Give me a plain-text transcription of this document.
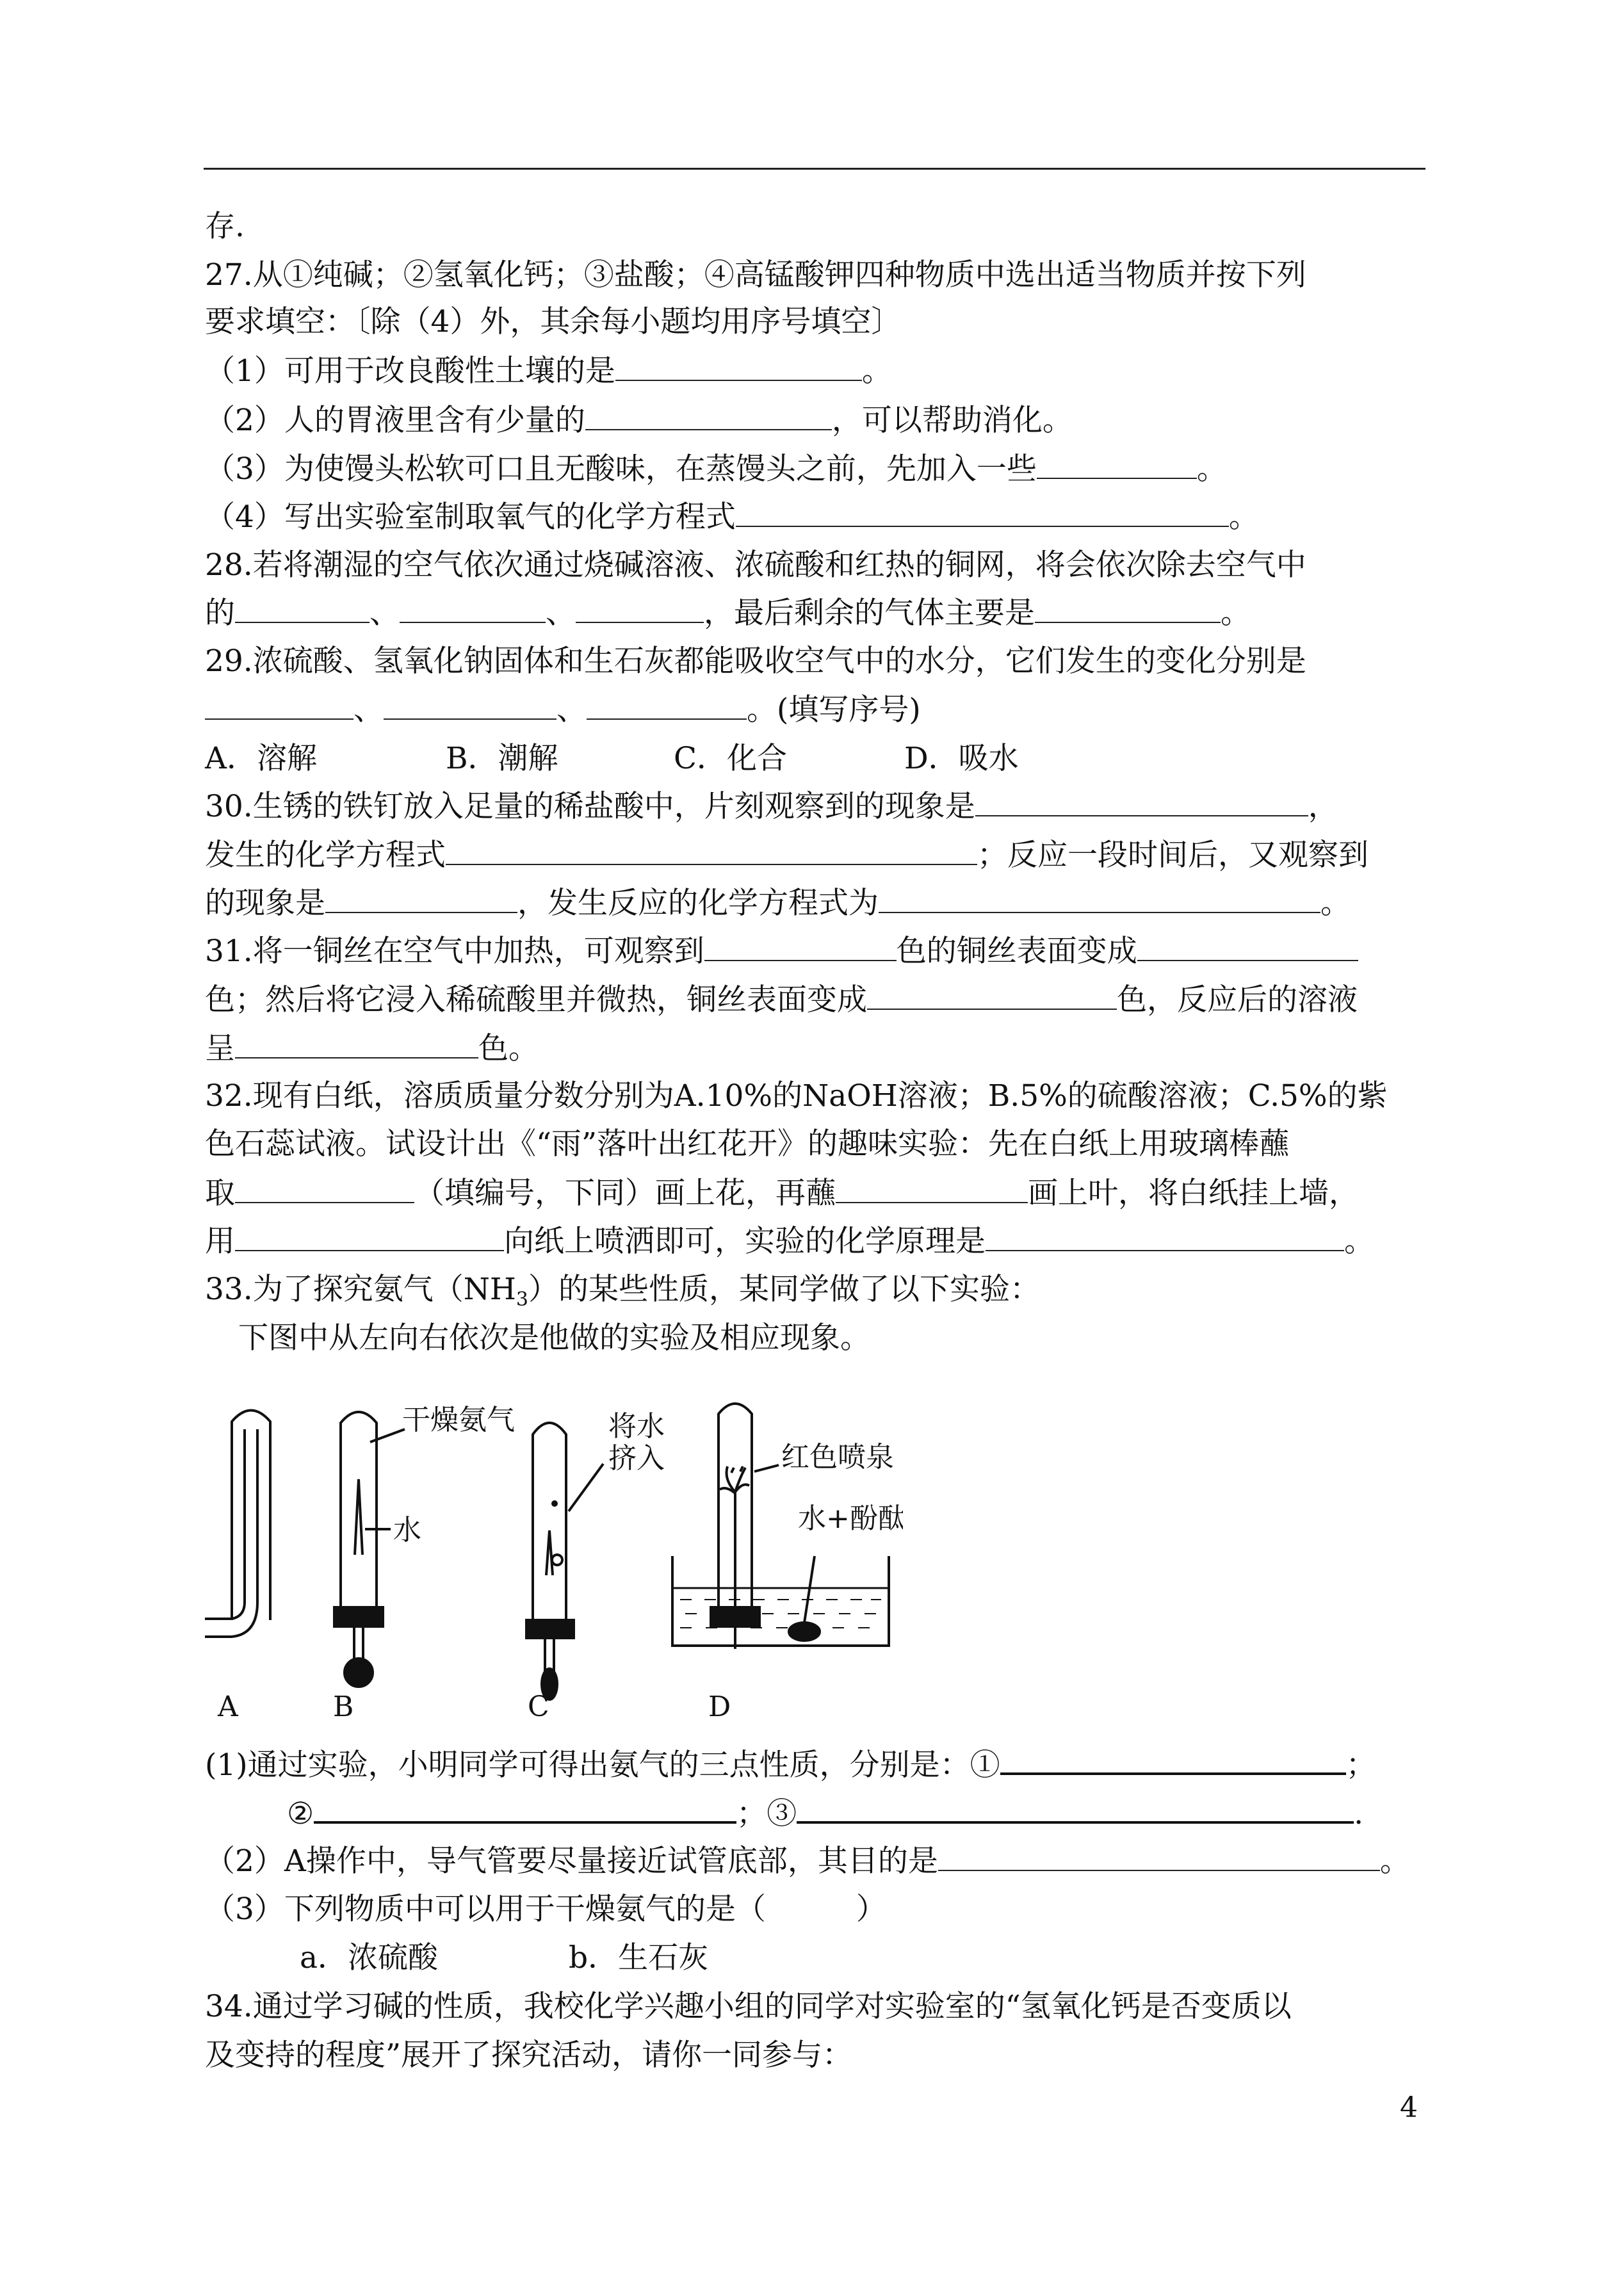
存.
27.从①纯碱；②氢氧化钙；③盐酸；④高锰酸钾四种物质中选出适当物质并按下列
要求填空：〔除（4）外，其余每小题均用序号填空〕
（1）可用于改良酸性土壤的是	。
（2）人的胃液里含有少量的	，可以帮助消化。
（3）为使馒头松软可口且无酸味，在蒸馒头之前，先加入一些	。
（4）写出实验室制取氧气的化学方程式	。
28.若将潮湿的空气依次通过烧碱溶液、浓硫酸和红热的铜网，将会依次除去空气中
的	、	、	，最后剩余的气体主要是	。
29.浓硫酸、氢氧化钠固体和生石灰都能吸收空气中的水分，它们发生的变化分别是
、	、	。(填写序号)
A．溶解	B．潮解	C．化合	D．吸水
30.生锈的铁钉放入足量的稀盐酸中，片刻观察到的现象是	，
发生的化学方程式	；反应一段时间后，又观察到
的现象是	，发生反应的化学方程式为	。
31.将一铜丝在空气中加热，可观察到	色的铜丝表面变成
色；然后将它浸入稀硫酸里并微热，铜丝表面变成	色，反应后的溶液
呈	色。
32.现有白纸，溶质质量分数分别为A.10%的NaOH溶液；B.5%的硫酸溶液；C.5%的紫
色石蕊试液。试设计出《“雨”落叶出红花开》的趣味实验：先在白纸上用玻璃棒蘸
取	（填编号，下同）画上花，再蘸	画上叶，将白纸挂上墙，
用	向纸上喷洒即可，实验的化学原理是	。
33.为了探究氨气$(NH_3)$的某些性质，某同学做了以下实验：
下图中从左向右依次是他做的实验及相应现象。
干燥氨气
水
将水
挤入	红色喷泉
水+酚酞
A	B	C	D
(1)通过实验，小明同学可得出氨气的三点性质，分别是：①	；
②	；③	.
（2）A操作中，导气管要尽量接近试管底部，其目的是	。
（3）下列物质中可以用于干燥氨气的是（　　　）
a．浓硫酸	b．生石灰
34.通过学习碱的性质，我校化学兴趣小组的同学对实验室的“氢氧化钙是否变质以
及变持的程度”展开了探究活动，请你一同参与：
4
